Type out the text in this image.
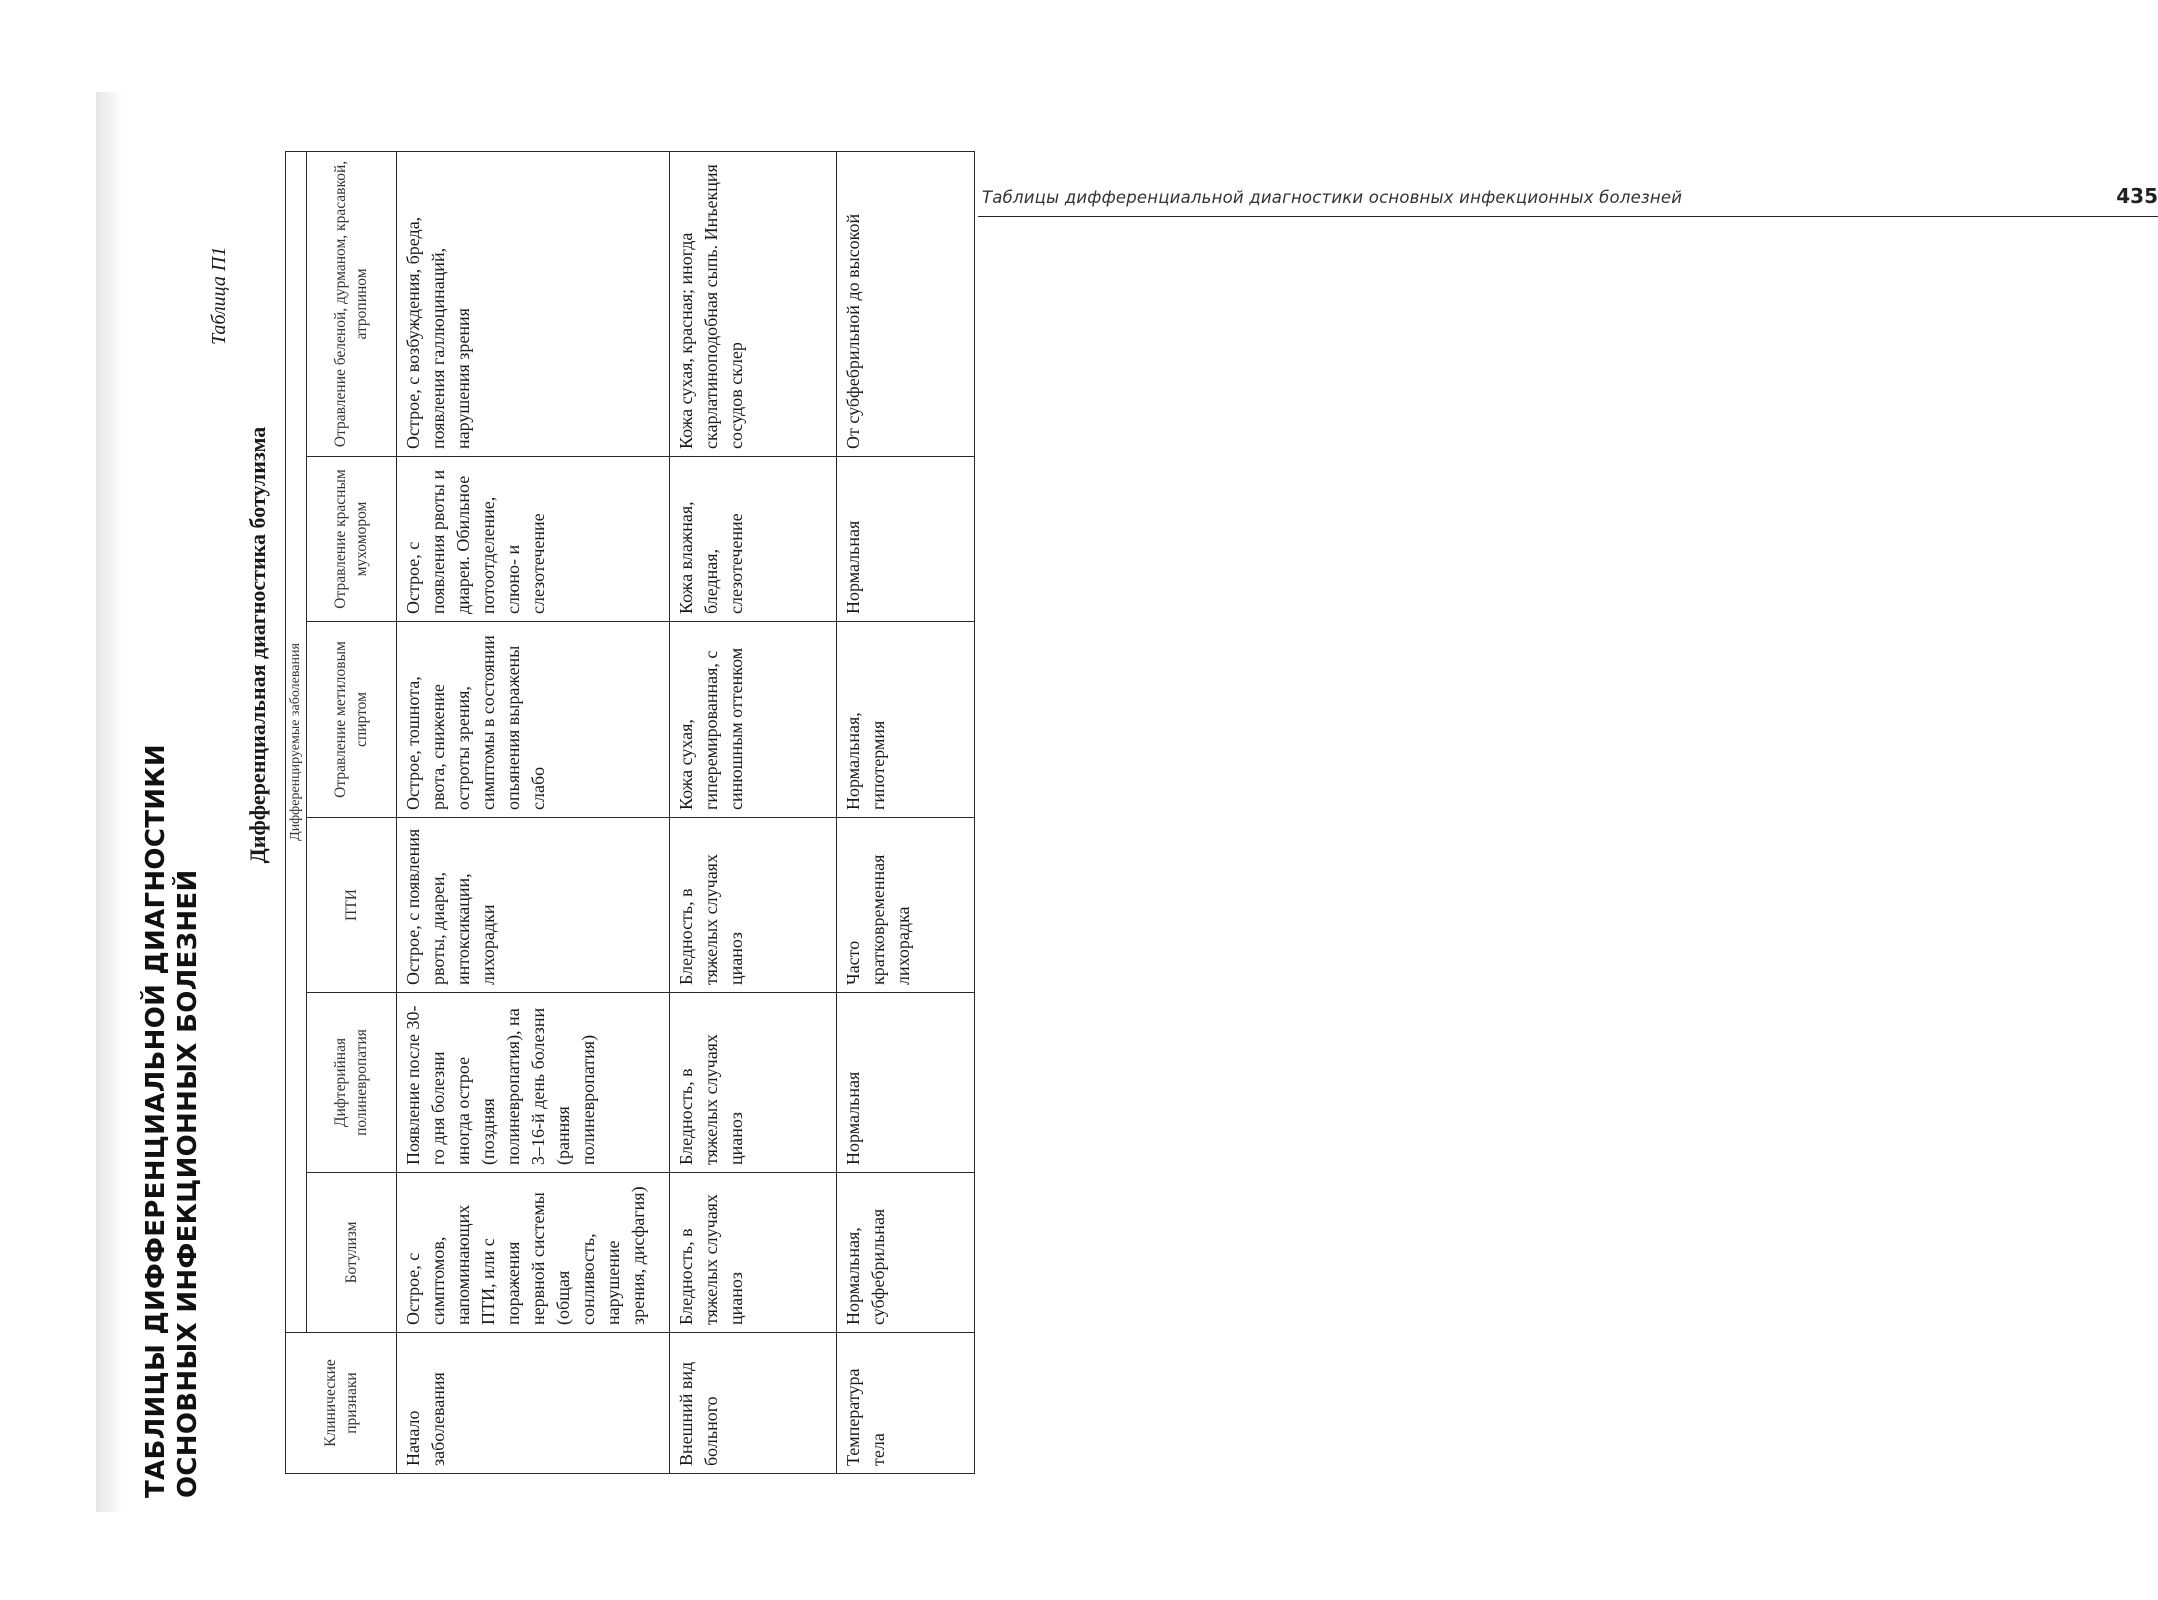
ТАБЛИЦЫ ДИФФЕРЕНЦИАЛЬНОЙ ДИАГНОСТИКИ ОСНОВНЫХ ИНФЕКЦИОННЫХ БОЛЕЗНЕЙ
Таблицы дифференциальной диагностики основных инфекционных болезней	435
Таблица П1
Дифференциальная диагностика ботулизма
Клинические признаки	Дифференцируемые заболевания					
	Ботулизм	Дифтерийная полиневропатия	ПТИ	Отравление метиловым спиртом	Отравление красным мухомором	Отравление беленой, дурманом, красавкой, атропином
Начало заболевания	Острое, с симптомов, напоминающих ПТИ, или с поражения нервной системы (общая сонливость, нарушение зрения, дисфагия)	Появление после 30-го дня болезни иногда острое (поздняя полиневропатия), на 3–16-й день болезни (ранняя полиневропатия)	Острое, с появления рвоты, диареи, интоксикации, лихорадки	Острое, тошнота, рвота, снижение остроты зрения, симптомы в состоянии опьянения выражены слабо	Острое, с появления рвоты и диареи. Обильное потоотделение, слюно- и слезотечение	Острое, с возбуждения, бреда, появления галлюцинаций, нарушения зрения
Внешний вид больного	Бледность, в тяжелых случаях цианоз	Бледность, в тяжелых случаях цианоз	Бледность, в тяжелых случаях цианоз	Кожа сухая, гиперемированная, с синюшным оттенком	Кожа влажная, бледная, слезотечение	Кожа сухая, красная; иногда скарлатиноподобная сыпь. Инъекция сосудов склер
Температура тела	Нормальная, субфебрильная	Нормальная	Часто кратковременная лихорадка	Нормальная, гипотермия	Нормальная	От субфебрильной до высокой
